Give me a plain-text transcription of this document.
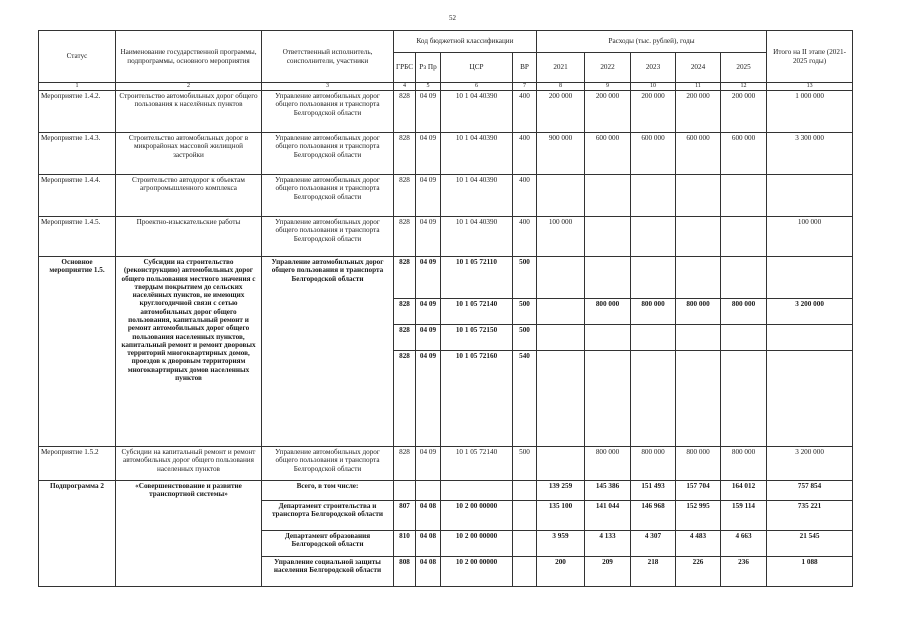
52
Статус	Наименование государственной программы, подпрограммы, основного мероприятия	Ответственный исполнитель, соисполнители, участники	Код бюджетной классификации				Расходы (тыс. рублей), годы					Итого на II этапе (2021-2025 годы)
			ГРБС	Рз Пр	ЦСР	ВР	2021	2022	2023	2024	2025	
1	2	3	4	5	6	7	8	9	10	11	12	13
Мероприятие 1.4.2.	Строительство автомобильных дорог общего пользования к населённых пунктов	Управление автомобильных дорог общего пользования и транспорта Белгородской области	828	04 09	10 1 04 40390	400	200 000	200 000	200 000	200 000	200 000	1 000 000
Мероприятие 1.4.3.	Строительство автомобильных дорог в микрорайонах массовой жилищной застройки	Управление автомобильных дорог общего пользования и транспорта Белгородской области	828	04 09	10 1 04 40390	400	900 000	600 000	600 000	600 000	600 000	3 300 000
Мероприятие 1.4.4.	Строительство автодорог к объектам агропромышленного комплекса	Управление автомобильных дорог общего пользования и транспорта Белгородской области	828	04 09	10 1 04 40390	400						
Мероприятие 1.4.5.	Проектно-изыскательские работы	Управление автомобильных дорог общего пользования и транспорта Белгородской области	828	04 09	10 1 04 40390	400	100 000					100 000
Основное мероприятие 1.5.	Субсидии на строительство (реконструкцию) автомобильных дорог общего пользования местного значения с твердым покрытием до сельских населённых пунктов, не имеющих круглогодичной связи с сетью автомобильных дорог общего пользования, капитальный ремонт и ремонт автомобильных дорог общего пользования населенных пунктов, капитальный ремонт и ремонт дворовых территорий многоквартирных домов, проездов к дворовым территориям многоквартирных домов населенных пунктов	Управление автомобильных дорог общего пользования и транспорта Белгородской области	828	04 09	10 1 05 72110	500						
			828	04 09	10 1 05 72140	500		800 000	800 000	800 000	800 000	3 200 000
			828	04 09	10 1 05 72150	500						
			828	04 09	10 1 05 72160	540						
Мероприятие 1.5.2	Субсидии на капитальный ремонт и ремонт автомобильных дорог общего пользования населенных пунктов	Управление автомобильных дорог общего пользования и транспорта Белгородской области	828	04 09	10 1 05 72140	500		800 000	800 000	800 000	800 000	3 200 000
Подпрограмма 2	«Совершенствование и развитие транспортной системы»	Всего, в том числе:					139 259	145 386	151 493	157 704	164 012	757 854
		Департамент строительства и транспорта Белгородской области	807	04 08	10 2 00 00000		135 100	141 044	146 968	152 995	159 114	735 221
		Департамент образования Белгородской области	810	04 08	10 2 00 00000		3 959	4 133	4 307	4 483	4 663	21 545
		Управление социальной защиты населения Белгородской области	808	04 08	10 2 00 00000		200	209	218	226	236	1 088
